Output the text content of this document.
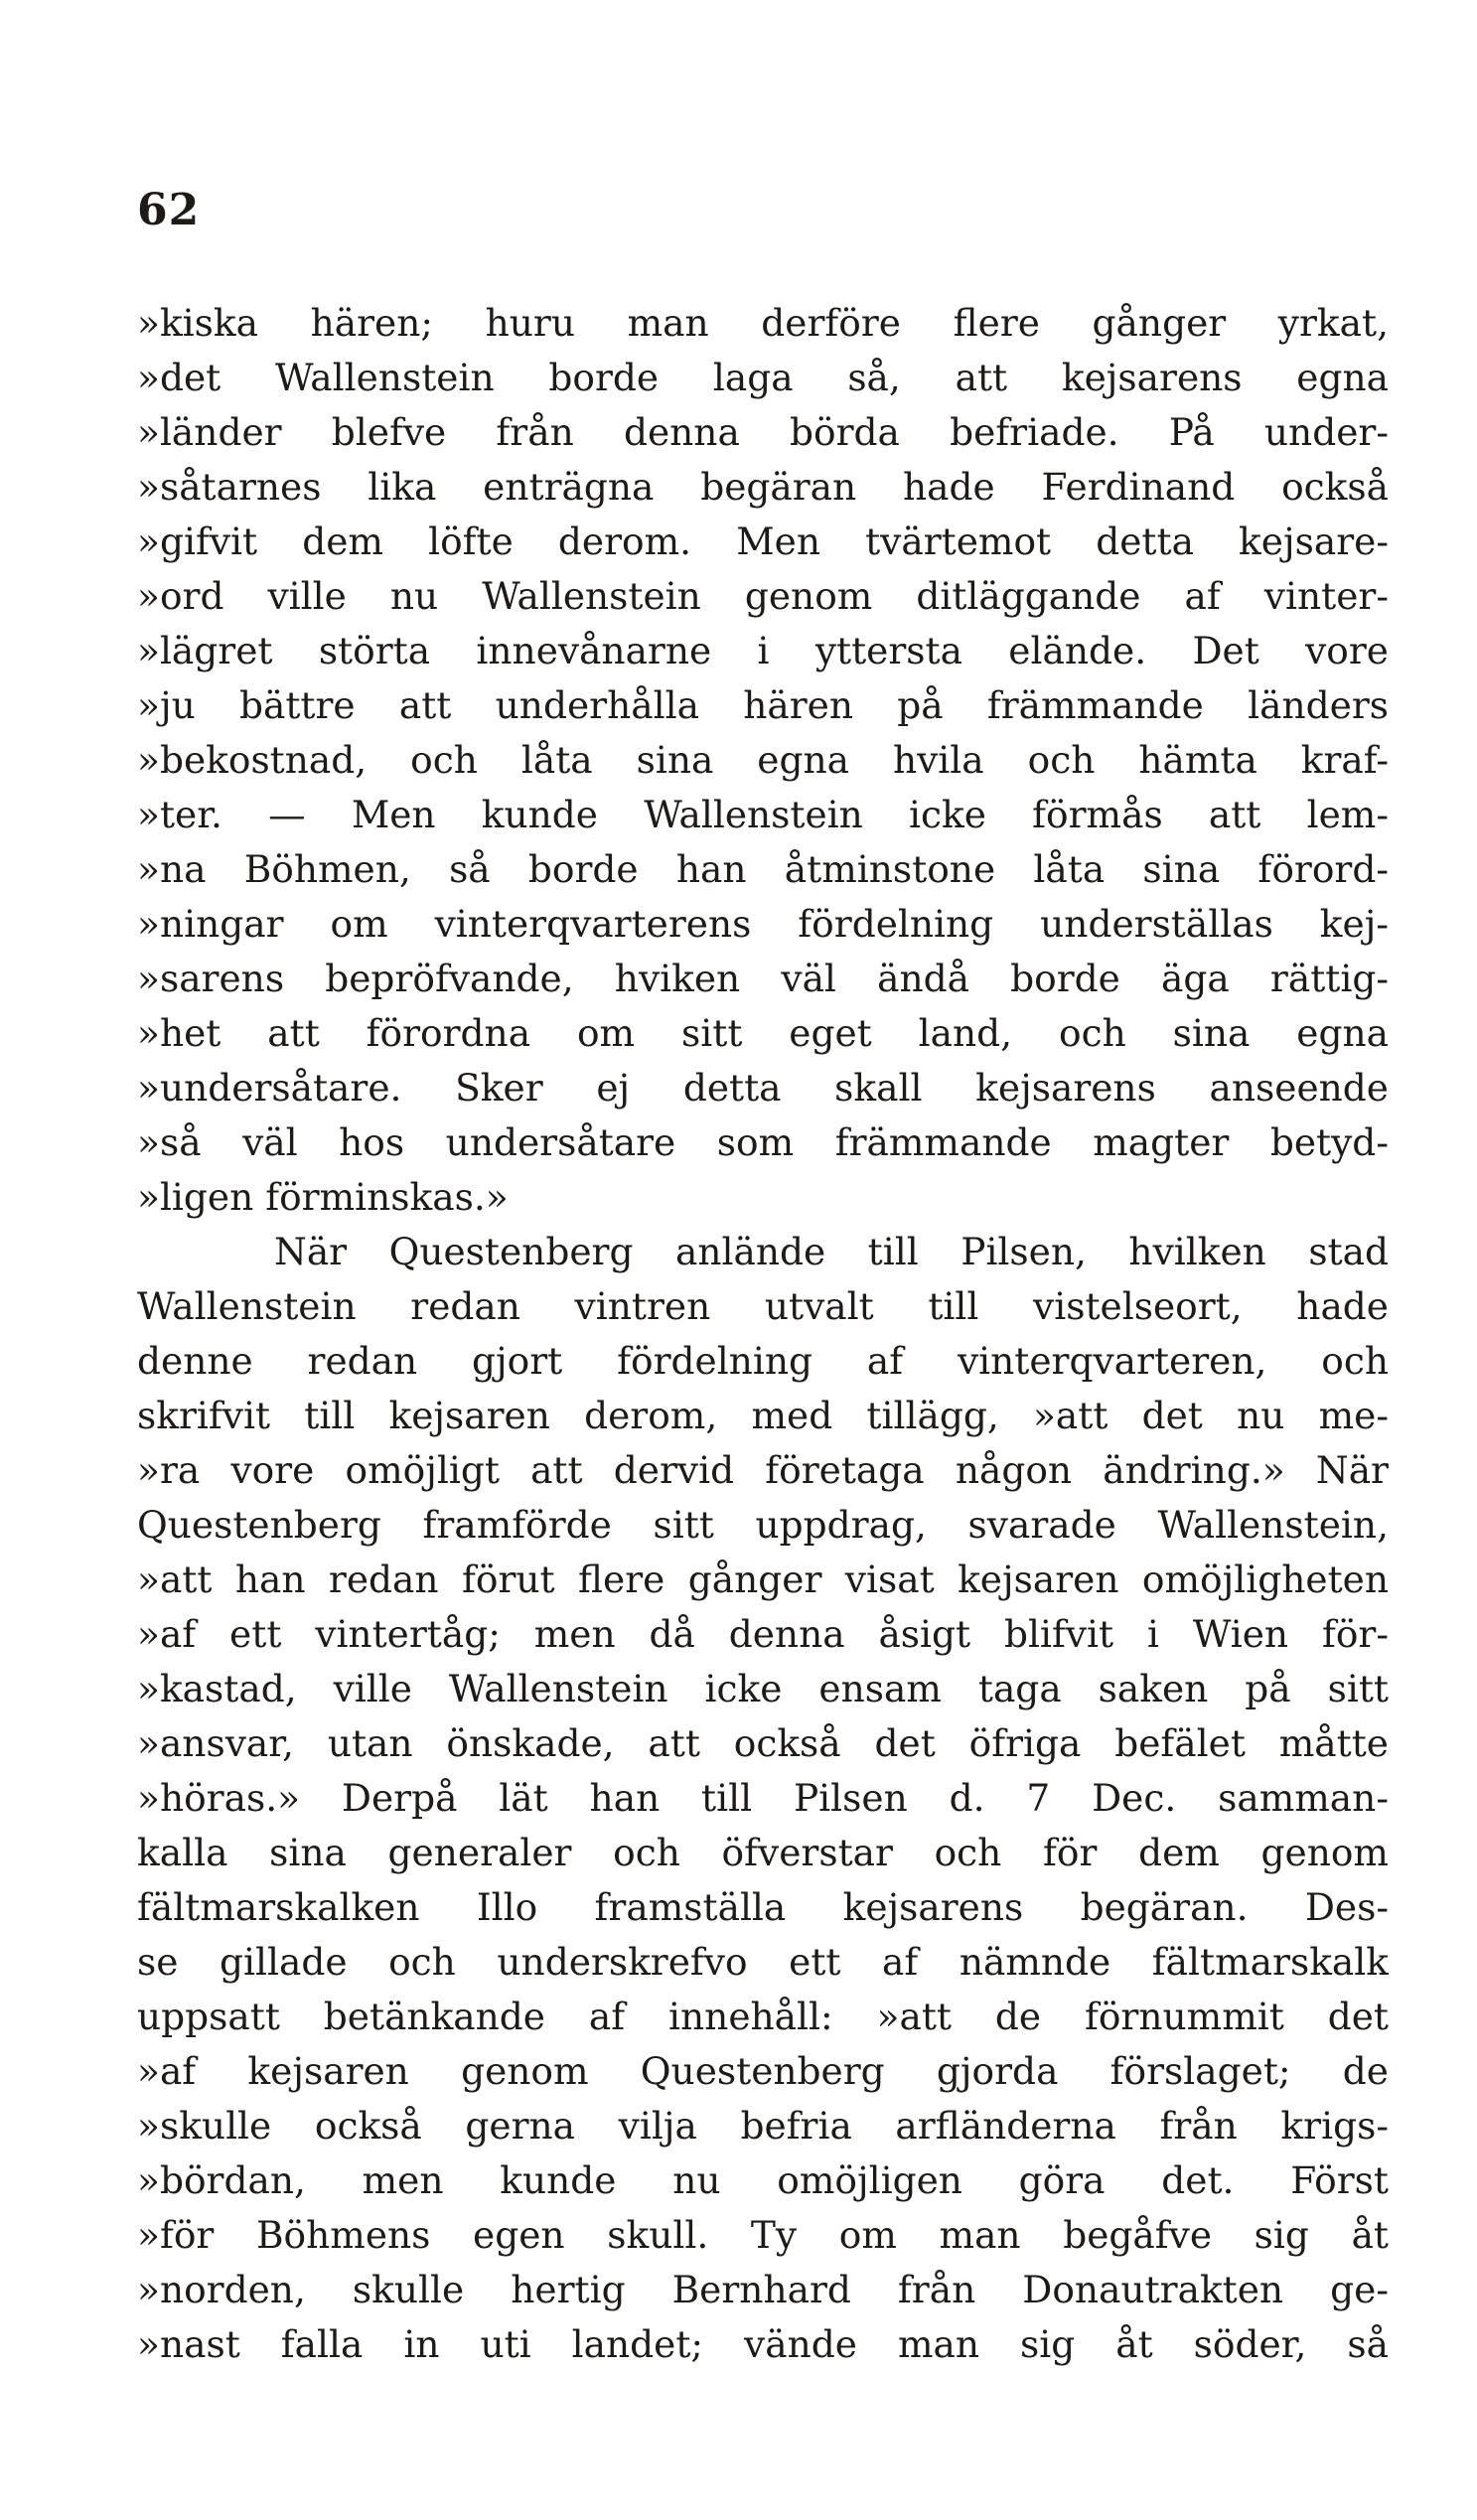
62
»kiska hären; huru man derföre flere gånger yrkat,
»det Wallenstein borde laga så, att kejsarens egna
»länder blefve från denna börda befriade. På under-
»såtarnes lika enträgna begäran hade Ferdinand också
»gifvit dem löfte derom. Men tvärtemot detta kejsare-
»ord ville nu Wallenstein genom ditläggande af vinter-
»lägret störta innevånarne i yttersta elände. Det vore
»ju bättre att underhålla hären på främmande länders
»bekostnad, och låta sina egna hvila och hämta kraf-
»ter. — Men kunde Wallenstein icke förmås att lem-
»na Böhmen, så borde han åtminstone låta sina förord-
»ningar om vinterqvarterens fördelning underställas kej-
»sarens bepröfvande, hviken väl ändå borde äga rättig-
»het att förordna om sitt eget land, och sina egna
»undersåtare. Sker ej detta skall kejsarens anseende
»så väl hos undersåtare som främmande magter betyd-
»ligen förminskas.»
När Questenberg anlände till Pilsen, hvilken stad
Wallenstein redan vintren utvalt till vistelseort, hade
denne redan gjort fördelning af vinterqvarteren, och
skrifvit till kejsaren derom, med tillägg, »att det nu me-
»ra vore omöjligt att dervid företaga någon ändring.» När
Questenberg framförde sitt uppdrag, svarade Wallenstein,
»att han redan förut flere gånger visat kejsaren omöjligheten
»af ett vintertåg; men då denna åsigt blifvit i Wien för-
»kastad, ville Wallenstein icke ensam taga saken på sitt
»ansvar, utan önskade, att också det öfriga befälet måtte
»höras.» Derpå lät han till Pilsen d. 7 Dec. samman-
kalla sina generaler och öfverstar och för dem genom
fältmarskalken Illo framställa kejsarens begäran. Des-
se gillade och underskrefvo ett af nämnde fältmarskalk
uppsatt betänkande af innehåll: »att de förnummit det
»af kejsaren genom Questenberg gjorda förslaget; de
»skulle också gerna vilja befria arfländerna från krigs-
»bördan, men kunde nu omöjligen göra det. Först
»för Böhmens egen skull. Ty om man begåfve sig åt
»norden, skulle hertig Bernhard från Donautrakten ge-
»nast falla in uti landet; vände man sig åt söder, så
